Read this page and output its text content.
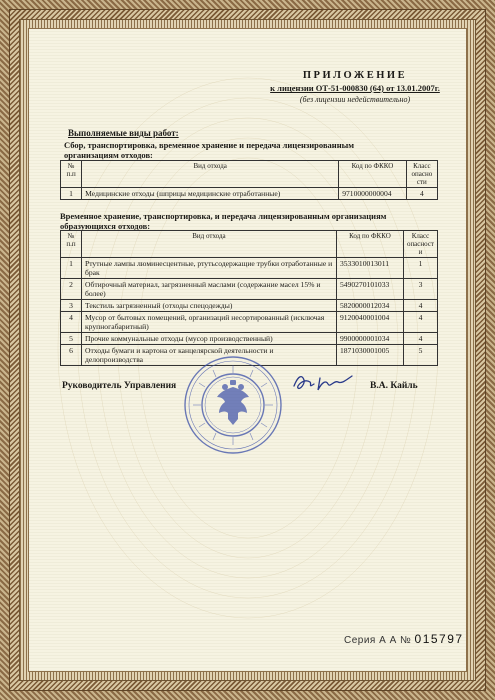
ПРИЛОЖЕНИЕ
к лицензии ОТ-51-000830 (64) от 13.01.2007г.
(без лицензии недействительно)
Выполняемые виды работ:
Сбор, транспортировка, временное хранение и передача лицензированным организациям отходов:
№ п.п	Вид отхода	Код по ФККО	Класс опасно сти
1	Медицинские отходы (шприцы медицинские отработанные)	9710000000004	4
Временное хранение, транспортировка, и передача лицензированным организациям образующихся отходов:
№ п.п	Вид отхода	Код по ФККО	Класс опасност и
1	Ртутные лампы люминесцентные, ртутьсодержащие трубки отработанные и брак	3533010013011	1
2	Обтирочный материал, загрязненный маслами (содержание масел 15% и более)	5490270101033	3
3	Текстиль загрязненный (отходы спецодежды)	5820000012034	4
4	Мусор от бытовых помещений, организаций несортированный (исключая крупногабаритный)	9120040001004	4
5	Прочие коммунальные отходы (мусор производственный)	9900000001034	4
6	Отходы бумаги и картона от канцелярской деятельности и делопроизводства	1871030001005	5
Руководитель Управления	В.А. Кайль
Серия А А № 015797
